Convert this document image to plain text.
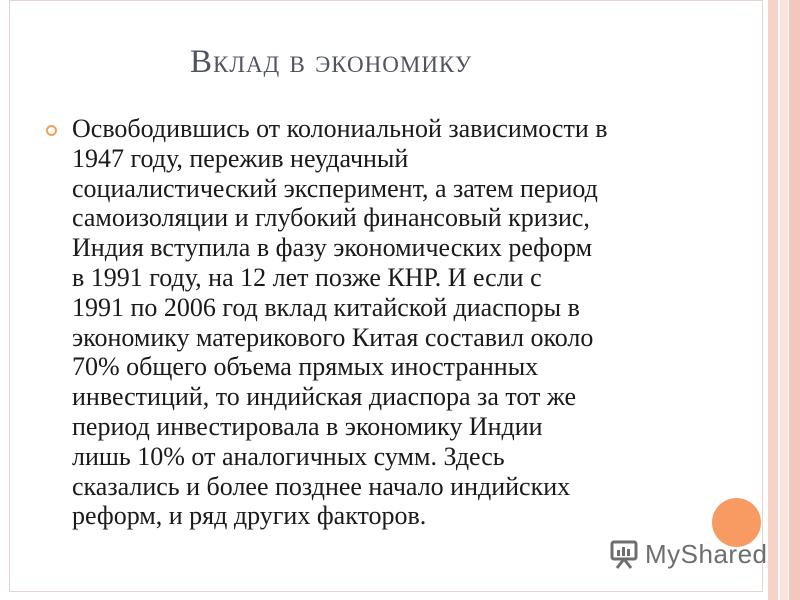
Вклад в экономику
Освободившись от колониальной зависимости в
1947 году, пережив неудачный
социалистический эксперимент, а затем период
самоизоляции и глубокий финансовый кризис,
Индия вступила в фазу экономических реформ
в 1991 году, на 12 лет позже КНР. И если с
1991 по 2006 год вклад китайской диаспоры в
экономику материкового Китая составил около
70% общего объема прямых иностранных
инвестиций, то индийская диаспора за тот же
период инвестировала в экономику Индии
лишь 10% от аналогичных сумм. Здесь
сказались и более позднее начало индийских
реформ, и ряд других факторов.
MyShared
